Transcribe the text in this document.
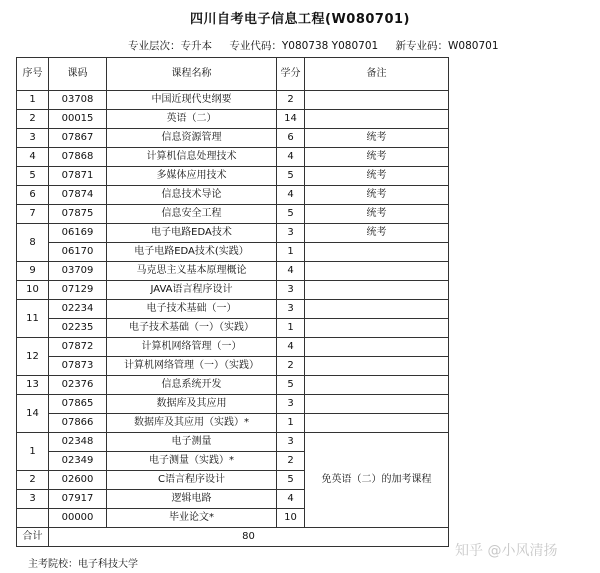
四川自考电子信息工程(W080701)
专业层次：专升本 专业代码：Y080738 Y080701 新专业码：W080701
序号	课码	课程名称	学分	备注
1	03708	中国近现代史纲要	2	
2	00015	英语（二）	14	
3	07867	信息资源管理	6	统考
4	07868	计算机信息处理技术	4	统考
5	07871	多媒体应用技术	5	统考
6	07874	信息技术导论	4	统考
7	07875	信息安全工程	5	统考
8	06169	电子电路EDA技术	3	统考
	06170	电子电路EDA技术(实践）	1	
9	03709	马克思主义基本原理概论	4	
10	07129	JAVA语言程序设计	3	
11	02234	电子技术基础（一）	3	
	02235	电子技术基础（一）（实践）	1	
12	07872	计算机网络管理（一）	4	
	07873	计算机网络管理（一）（实践）	2	
13	02376	信息系统开发	5	
14	07865	数据库及其应用	3	
	07866	数据库及其应用（实践）*	1	
1	02348	电子测量	3	免英语（二）的加考课程
	02349	电子测量（实践）*	2	
2	02600	C语言程序设计	5	
3	07917	逻辑电路	4	
	00000	毕业论文*	10	
合计	80			
主考院校：电子科技大学
知乎 @小风清扬
